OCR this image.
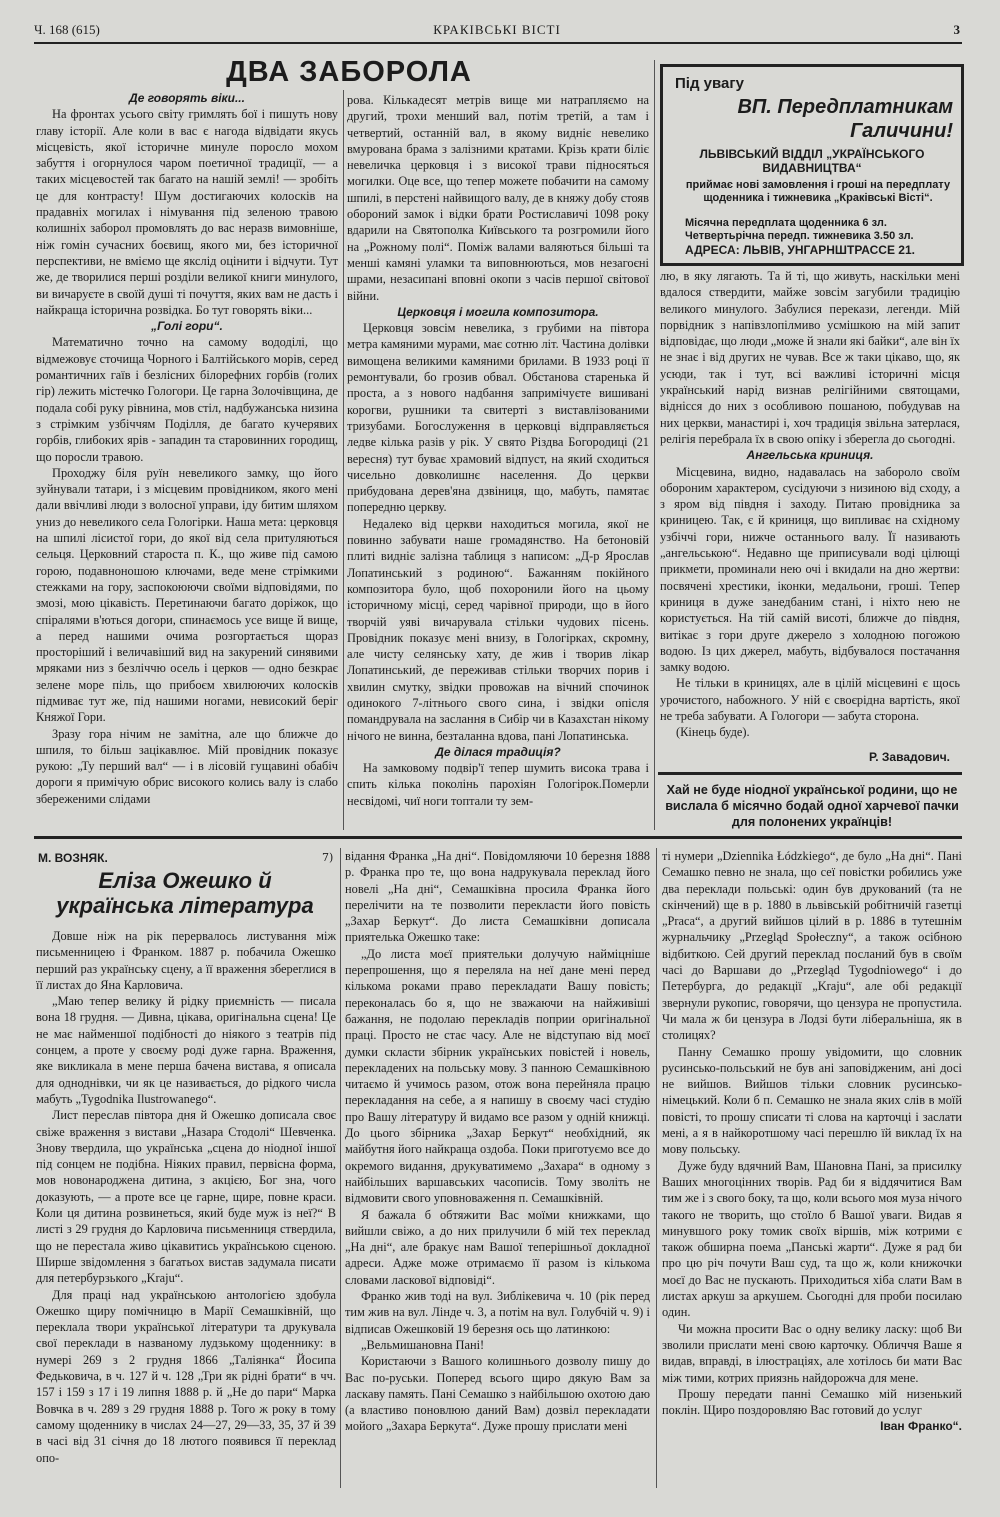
Ч. 168 (615)	КРАКІВСЬКІ ВІСТІ	3
ДВА ЗАБОРОЛА

Де говорять віки...

На фронтах усього світу гримлять бої і пишуть нову главу історії. Але коли в вас є нагода відвідати якусь місцевість, якої історичне минуле поросло мохом забуття і огорнулося чаром поетичної традиції, — а таких місцевостей так багато на нашій землі! — зробіть це для контрасту! Шум достигаючих колосків на прадавніх могилах і німування під зеленою травою колишніх заборол промовлять до вас неразв вимовніше, ніж гомін сучасних боєвищ, якого ми, без історичної перспективи, не вміємо ще якслід оцінити і відчути. Тут же, де творилися перші розділи великої книги минулого, ви вичаруєте в своїй душі ті почуття, яких вам не дасть і найкраща історична розвідка. Бо тут говорять віки...

„Голі гори“.

Математично точно на самому вододілі, що відмежовує сточища Чорного і Балтійського морів, серед романтичних гаїв і безлісних білорефних горбів (голих гір) лежить містечко Гологори. Це гарна Золочівщина, де подала собі руку рівнина, мов стіл, надбужанська низина з стрімким узбіччям Поділля, де багато кучерявих горбів, глибоких ярів - западин та старовинних городищ, що поросли травою.

Проходжу біля руїн невеликого замку, що його зуйнували татари, і з місцевим провідником, якого мені дали ввічливі люди з волосної управи, іду битим шляхом униз до невеликого села Гологірки. Наша мета: церковця на шпилі лісистої гори, до якої від села притуляються сельця. Церковний староста п. К., що живе під самою горою, подавноношою ключами, веде мене стрімкими стежками на гору, заспокоюючи своїми відповідями, по змозі, мою цікавість. Перетинаючи багато доріжок, що спіралями в'ються догори, спинаємось усе вище й вище, а перед нашими очима розгортається щораз просторіший і величавіший вид на закурений синявими мряками низ з безліччю осель і церков — одно безкрає зелене море піль, що прибоєм хвилюючих колосків підмиває тут же, під нашими ногами, невисокий беріг Княжої Гори.

Зразу гора нічим не замітна, але що ближче до шпиля, то більш зацікавлює. Мій провідник показує рукою: „Ту перший вал“ — і в лісовій гущавині обабіч дороги я примічую обрис високого колись валу із слабо збереженими слідами

рова. Кількадесят метрів вище ми натрапляємо на другий, трохи менший вал, потім третій, а там і четвертий, останній вал, в якому видніє невелико вмурована брама з залізними кратами. Крізь крати біліє невеличка церковця і з високої трави підносяться могилки. Оце все, що тепер можете побачити на самому шпилі, в перстені найвищого валу, де в княжу добу стояв обороний замок і відки брати Ростиславичі 1098 року вдарили на Святополка Київського та розгромили його на „Рожному полі“. Поміж валами валяються більші та менші камяні уламки та виповнюються, мов незагоєні шрами, незасипані вповні окопи з часів першої світової війни.

Церковця і могила композитора.

Церковця зовсім невелика, з грубими на півтора метра камяними мурами, має сотню літ. Частина долівки вимощена великими камяними брилами. В 1933 році її ремонтували, бо грозив обвал. Обстанова старенька й проста, а з нового надбання запримічуєте вишивані корогви, рушники та свитерті з виставлізованими тризубами. Богослуження в церковці відправляється ледве кілька разів у рік. У свято Різдва Богородиці (21 вересня) тут буває храмовий відпуст, на який сходиться чисельно довколишнє населення. До церкви прибудована дерев'яна дзвіниця, що, мабуть, памятає попередню церкву.

Недалеко від церкви находиться могила, якої не повинно забувати наше громадянство. На бетоновій плиті видніє залізна таблиця з написом: „Д-р Ярослав Лопатинський з родиною“. Бажанням покійного композитора було, щоб похоронили його на цьому історичному місці, серед чарівної природи, що в його творчій уяві вичарувала стільки чудових пісень. Провідник показує мені внизу, в Гологірках, скромну, але чисту селянську хату, де жив і творив лікар Лопатинський, де переживав стільки творчих порив і хвилин смутку, звідки провожав на вічний спочинок одинокого 7-літнього свого сина, і звідки опісля помандрувала на заслання в Сибір чи в Казахстан нікому нічого не винна, безталанна вдова, пані Лопатинська.

Де ділася традиція?

На замковому подвір'ї тепер шумить висока трава і спить кілька поколінь парохіян Гологірок.Померли несвідомі, чиї ноги топтали ту зем-

Під увагу
ВП. Передплатникам
Галичини!
ЛЬВІВСЬКИЙ ВІДДІЛ „УКРАЇНСЬКОГО ВИДАВНИЦТВА“
приймає нові замовлення і гроші на передплату щоденника і тижневика „Краківські Вісті“.
Місячна передплата щоденника 6 зл.
Четвертьрічна передп. тижневика 3.50 зл.
АДРЕСА: ЛЬВІВ, УНГАРНШТРАССЕ 21.

лю, в яку лягають. Та й ті, що живуть, наскільки мені вдалося ствердити, майже зовсім загубили традицію великого минулого. Забулися перекази, легенди. Мій порвідник з напівзлопілмиво усмішкою на мій запит відповідає, що люди „може й знали які байки“, але він їх не знає і від других не чував. Все ж таки цікаво, що, як усюди, так і тут, всі важливі історичні місця український нарід визнав релігійними святощами, віднісся до них з особливою пошаною, побудував на них церкви, манастирі і, хоч традиція звільна затерлася, релігія перебрала їх в свою опіку і зберегла до сьогодні.

Ангельська криниця.

Місцевина, видно, надавалась на заборолo своїм обороним характером, сусідуючи з низиною від сходу, а з яром від півдня і заходу. Питаю провідника за криницею. Так, є й криниця, що випливає на східному узбіччі гори, нижче останнього валу. Її називають „ангельською“. Недавно ще приписували воді цілющі прикмети, проминали нею очі і вкидали на дно жертви: посвячені хрестики, іконки, медальони, гроші. Тепер криниця в дуже занедбаним стані, і ніхто нею не користується. На тій самій висоті, ближче до півдня, витікає з гори друге джерело з холодною погожою водою. Із цих джерел, мабуть, відбувалося постачання замку водою.

Не тільки в криницях, але в цілій місцевині є щось урочистого, набожного. У ній є своєрідна вартість, якої не треба забувати. А Гологори — забута сторона.

(Кінець буде).

Р. Завадович.
Хай не буде ніодної української родини, що не вислала б місячно бодай одної харчевої пачки для полонених українців!
М. ВОЗНЯК.	7)
Еліза Ожешко й українська література

Довше ніж на рік перервалось листування між письменницею і Франком. 1887 р. побачила Ожешко перший раз українську сцену, а її враження збереглися в її листах до Яна Карловича.

„Маю тепер велику й рідку приємність — писала вона 18 грудня. — Дивна, цікава, оригінальна сцена! Це не має найменшої подібності до ніякого з театрів під сонцем, а проте у своєму роді дуже гарна. Враження, яке викликала в мене перша бачена вистава, я описала для одноднівки, чи як це називається, до рідкого числа мабуть „Tygodnika Ilustrowanego“.

Лист переслав півтора дня й Ожешко дописала своє свіже враження з вистави „Назара Стодолі“ Шевченка. Знову твердила, що українська „сцена до ніодної іншої під сонцем не подібна. Ніяких правил, первісна форма, мов новонароджена дитина, з акцією, Бог зна, чого доказують, — а проте все це гарне, щире, повне краси. Коли ця дитина розвинеться, який буде муж із неї?“ В листі з 29 грудня до Карловича письменниця ствердила, що не перестала живо цікавитись українською сценою. Ширше звідомлення з багатьох вистав задумала писати для петербурзького „Kraju“.

Для праці над українською антологією здобула Ожешко щиру помічницю в Марії Семашківній, що переклала твори української літератури та друкувала свої переклади в названому лудзькому щоденнику: в нумері 269 з 2 грудня 1866 „Таліянка“ Йосипа Федьковича, в ч. 127 й ч. 128 „Три як рідні брати“ в чч. 157 і 159 з 17 і 19 липня 1888 р. й „Не до пари“ Марка Вовчка в ч. 289 з 29 грудня 1888 р. Того ж року в тому самому щоденнику в числах 24—27, 29—33, 35, 37 й 39 в часі від 31 січня до 18 лютого появився її переклад опо-

відання Франка „На дні“. Повідомляючи 10 березня 1888 р. Франка про те, що вона надрукувала переклад його новелі „На дні“, Семашківна просила Франка його перелічити на те позволити перекласти його повість „Захар Беркут“. До листа Семашківни дописала приятелька Ожешко таке:

„До листа моєї приятельки долучую найміцніше перепрошення, що я переляла на неї дане мені перед кількома роками право перекладати Вашу повість; переконалась бо я, що не зважаючи на найживіші бажання, не подолаю перекладів поприи оригінальної праці. Просто не стає часу. Але не відступаю від моєї думки скласти збірник українських повістей і новель, перекладених на польську мову. З панною Семашківною читаємо й учимось разом, отож вона перейняла працю перекладання на себе, а я напишу в своєму часі студію про Вашу літературу й видамо все разом у одній книжці. До цього збірника „Захар Беркут“ необхідний, як майбутня його найкраща оздоба. Поки приготуємо все до окремого видання, друкуватимемо „Захара“ в одному з найбільших варшавських часописів. Тому зволіть не відмовити свого уповноваження п. Семашківній.

Я бажала б обтяжити Вас моїми книжками, що вийшли свіжо, а до них прилучили б мій тех переклад „На дні“, але бракує нам Вашої теперішньої докладної адреси. Адже може отримаємо її разом із кількома словами ласкової відповіді“.

Франко жив тоді на вул. Зиблікевича ч. 10 (рік перед тим жив на вул. Лінде ч. 3, а потім на вул. Голубчій ч. 9) і відписав Ожешковій 19 березня ось що латинкою:

„Вельмишановна Пані!

Користаючи з Вашого колишнього дозволу пишу до Вас по-руськи. Поперед всього щиро дякую Вам за ласкаву память. Пані Семашко з найбільшою охотою даю (а властиво поновлюю даний Вам) дозвіл перекладати мойого „Захара Беркута“. Дуже прошу прислати мені

ті нумери „Dziennika Łódzkiego“, де було „На дні“. Пані Семашко певно не знала, що сеї повістки робились уже два переклади польські: один був друкований (та не скінчений) ще в р. 1880 в львівській робітничій газетці „Praca“, а другий вийшов цілий в р. 1886 в тутешнім журнальчику „Przegląd Społeczny“, а також осібною відбиткою. Сей другий переклад посланий був в своїм часі до Варшави до „Przegląd Tygodniowego“ і до Петербурга, до редакції „Kraju“, але обі редакції звернули рукопис, говорячи, що цензура не пропустила. Чи мала ж би цензура в Лодзі бути ліберальніша, як в столицях?

Панну Семашко прошу увідомити, що словник русинсько-польський не був ані заповідженим, ані досі не вийшов. Вийшов тільки словник русинсько-німецький. Коли б п. Семашко не знала яких слів в моїй повісті, то прошу списати ті слова на карточці і заслати мені, а я в найкоротшому часі перешлю їй виклад їх на мову польську.

Дуже буду вдячний Вам, Шановна Пані, за присилку Ваших многоцінних творів. Рад би я віддячитися Вам тим же і з свого боку, та що, коли всього моя муза нічого такого не творить, що стоїло б Вашої уваги. Видав я минувшого року томик своїх віршів, між котрими є також обширна поема „Панські жарти“. Дуже я рад би про цю річ почути Ваш суд, та що ж, коли книжочки моєї до Вас не пускають. Приходиться хіба слати Вам в листах аркуш за аркушем. Сьогодні для проби посилаю один.

Чи можна просити Вас о одну велику ласку: щоб Ви зволили прислати мені свою карточку. Обличчя Ваше я видав, вправді, в ілюстраціях, але хотілось би мати Вас між тими, котрих приязнь найдорожча для мене.

Прошу передати панні Семашко мій низенький поклін. Щиро поздоровляю Вас готовий до услуг

Іван Франко“.
